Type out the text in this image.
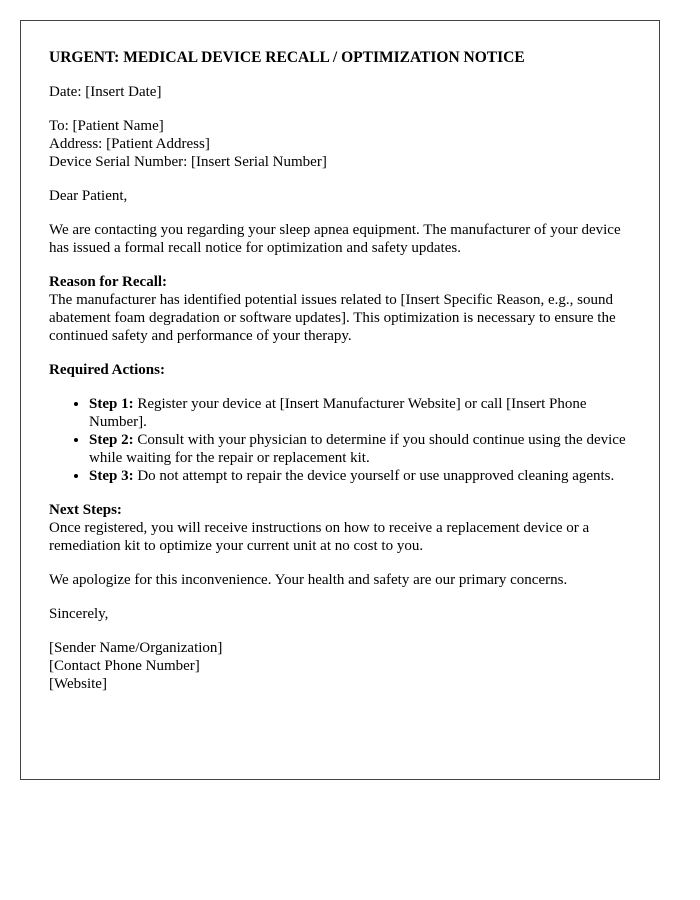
URGENT: MEDICAL DEVICE RECALL / OPTIMIZATION NOTICE

Date: [Insert Date]

To: [Patient Name]
Address: [Patient Address]
Device Serial Number: [Insert Serial Number]

Dear Patient,

We are contacting you regarding your sleep apnea equipment. The manufacturer of your device has issued a formal recall notice for optimization and safety updates.

Reason for Recall:
The manufacturer has identified potential issues related to [Insert Specific Reason, e.g., sound abatement foam degradation or software updates]. This optimization is necessary to ensure the continued safety and performance of your therapy.

Required Actions:

• Step 1: Register your device at [Insert Manufacturer Website] or call [Insert Phone Number].
• Step 2: Consult with your physician to determine if you should continue using the device while waiting for the repair or replacement kit.
• Step 3: Do not attempt to repair the device yourself or use unapproved cleaning agents.

Next Steps:
Once registered, you will receive instructions on how to receive a replacement device or a remediation kit to optimize your current unit at no cost to you.

We apologize for this inconvenience. Your health and safety are our primary concerns.

Sincerely,

[Sender Name/Organization]
[Contact Phone Number]
[Website]
